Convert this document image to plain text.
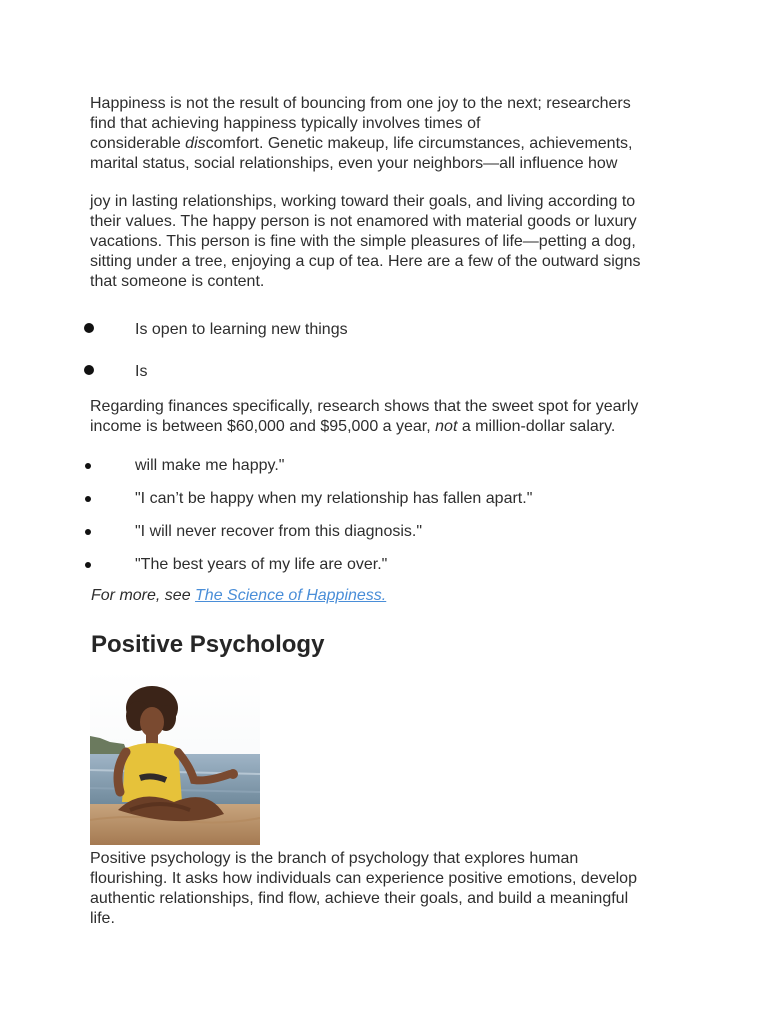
Happiness is not the result of bouncing from one joy to the next; researchers
find that achieving happiness typically involves times of
considerable discomfort. Genetic makeup, life circumstances, achievements,
marital status, social relationships, even your neighbors—all influence how

joy in lasting relationships, working toward their goals, and living according to
their values. The happy person is not enamored with material goods or luxury
vacations. This person is fine with the simple pleasures of life—petting a dog,
sitting under a tree, enjoying a cup of tea. Here are a few of the outward signs
that someone is content.

Is open to learning new things
Is

Regarding finances specifically, research shows that the sweet spot for yearly
income is between $60,000 and $95,000 a year, not a million-dollar salary.

will make me happy."
"I can’t be happy when my relationship has fallen apart."
"I will never recover from this diagnosis."
"The best years of my life are over."
For more, see The Science of Happiness.
Positive Psychology

Positive psychology is the branch of psychology that explores human
flourishing. It asks how individuals can experience positive emotions, develop
authentic relationships, find flow, achieve their goals, and build a meaningful
life.
